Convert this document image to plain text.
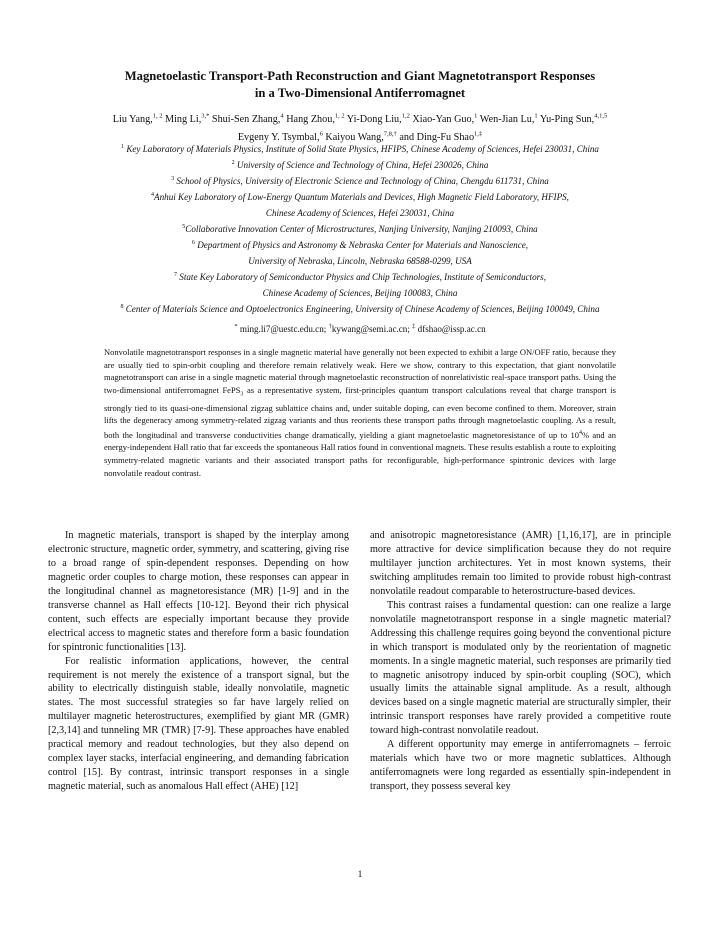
Magnetoelastic Transport-Path Reconstruction and Giant Magnetotransport Responses
in a Two-Dimensional Antiferromagnet
Liu Yang,$^{1, 2}$ Ming Li,$^{3,*}$ Shui-Sen Zhang,$^4$ Hang Zhou,$^{1, 2}$ Yi-Dong Liu,$^{1,2}$ Xiao-Yan Guo,$^1$ Wen-Jian Lu,$^1$ Yu-Ping Sun,$^{4,1,5}$
Evgeny Y. Tsymbal,$^6$ Kaiyou Wang,$^{7,8,\dagger}$ and Ding-Fu Shao$^{1,\ddagger}$
$^1$ Key Laboratory of Materials Physics, Institute of Solid State Physics, HFIPS, Chinese Academy of Sciences, Hefei 230031, China
$^2$ University of Science and Technology of China, Hefei 230026, China
$^3$ School of Physics, University of Electronic Science and Technology of China, Chengdu 611731, China
$^4$Anhui Key Laboratory of Low-Energy Quantum Materials and Devices, High Magnetic Field Laboratory, HFIPS,
Chinese Academy of Sciences, Hefei 230031, China
$^5$Collaborative Innovation Center of Microstructures, Nanjing University, Nanjing 210093, China
$^6$ Department of Physics and Astronomy & Nebraska Center for Materials and Nanoscience,
University of Nebraska, Lincoln, Nebraska 68588-0299, USA
$^7$ State Key Laboratory of Semiconductor Physics and Chip Technologies, Institute of Semiconductors,
Chinese Academy of Sciences, Beijing 100083, China
$^8$ Center of Materials Science and Optoelectronics Engineering, University of Chinese Academy of Sciences, Beijing 100049, China
* ming.li7@uestc.edu.cn; †kywang@semi.ac.cn; ‡ dfshao@issp.ac.cn

Nonvolatile magnetotransport responses in a single magnetic material have generally not been expected to exhibit a large ON/OFF ratio, because they are usually tied to spin-orbit coupling and therefore remain relatively weak. Here we show, contrary to this expectation, that giant nonvolatile magnetotransport can arise in a single magnetic material through magnetoelastic reconstruction of nonrelativistic real-space transport paths. Using the two-dimensional antiferromagnet FePS$_3$ as a representative system, first-principles quantum transport calculations reveal that charge transport is strongly tied to its quasi-one-dimensional zigzag sublattice chains and, under suitable doping, can even become confined to them. Moreover, strain lifts the degeneracy among symmetry-related zigzag variants and thus reorients these transport paths through magnetoelastic coupling. As a result, both the longitudinal and transverse conductivities change dramatically, yielding a giant magnetoelastic magnetoresistance of up to $10^4\%$ and an energy-independent Hall ratio that far exceeds the spontaneous Hall ratios found in conventional magnets. These results establish a route to exploiting symmetry-related magnetic variants and their associated transport paths for reconfigurable, high-performance spintronic devices with large nonvolatile readout contrast.

In magnetic materials, transport is shaped by the interplay among electronic structure, magnetic order, symmetry, and scattering, giving rise to a broad range of spin-dependent responses. Depending on how magnetic order couples to charge motion, these responses can appear in the longitudinal channel as magnetoresistance (MR) [1-9] and in the transverse channel as Hall effects [10-12]. Beyond their rich physical content, such effects are especially important because they provide electrical access to magnetic states and therefore form a basic foundation for spintronic functionalities [13].

For realistic information applications, however, the central requirement is not merely the existence of a transport signal, but the ability to electrically distinguish stable, ideally nonvolatile, magnetic states. The most successful strategies so far have largely relied on multilayer magnetic heterostructures, exemplified by giant MR (GMR) [2,3,14] and tunneling MR (TMR) [7-9]. These approaches have enabled practical memory and readout technologies, but they also depend on complex layer stacks, interfacial engineering, and demanding fabrication control [15]. By contrast, intrinsic transport responses in a single magnetic material, such as anomalous Hall effect (AHE) [12]

and anisotropic magnetoresistance (AMR) [1,16,17], are in principle more attractive for device simplification because they do not require multilayer junction architectures. Yet in most known systems, their switching amplitudes remain too limited to provide robust high-contrast nonvolatile readout comparable to heterostructure-based devices.

This contrast raises a fundamental question: can one realize a large nonvolatile magnetotransport response in a single magnetic material? Addressing this challenge requires going beyond the conventional picture in which transport is modulated only by the reorientation of magnetic moments. In a single magnetic material, such responses are primarily tied to magnetic anisotropy induced by spin-orbit coupling (SOC), which usually limits the attainable signal amplitude. As a result, although devices based on a single magnetic material are structurally simpler, their intrinsic transport responses have rarely provided a competitive route toward high-contrast nonvolatile readout.

A different opportunity may emerge in antiferromagnets – ferroic materials which have two or more magnetic sublattices. Although antiferromagnets were long regarded as essentially spin-independent in transport, they possess several key

1
